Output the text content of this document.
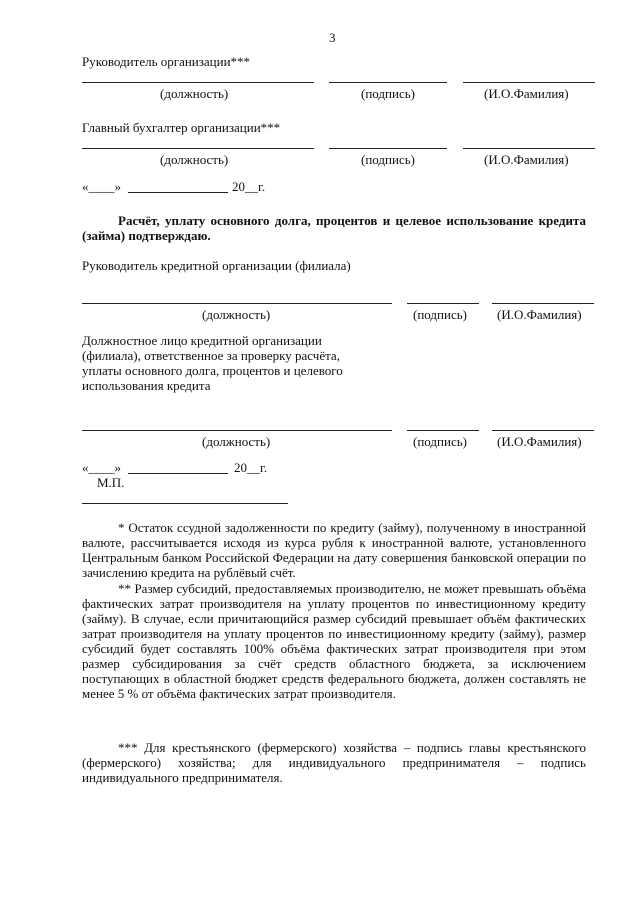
3
Руководитель организации***
(должность)	(подпись)	(И.О.Фамилия)
Главный бухгалтер организации***
(должность)	(подпись)	(И.О.Фамилия)
«____»	20__г.
Расчёт, уплату основного долга, процентов и целевое использование кредита (займа) подтверждаю.
Руководитель кредитной организации (филиала)
(должность)	(подпись) (И.О.Фамилия)
Должностное лицо кредитной организации (филиала), ответственное за проверку расчёта, уплаты основного долга, процентов и целевого использования кредита
(должность)	(подпись) (И.О.Фамилия)
«____»	20__г.
М.П.
* Остаток ссудной задолженности по кредиту (займу), полученному в иностранной валюте, рассчитывается исходя из курса рубля к иностранной валюте, установленного Центральным банком Российской Федерации на дату совершения банковской операции по зачислению кредита на рублёвый счёт.
** Размер субсидий, предоставляемых производителю, не может превышать объёма фактических затрат производителя на уплату процентов по инвестиционному кредиту (займу). В случае, если причитающийся размер субсидий превышает объём фактических затрат производителя на уплату процентов по инвестиционному кредиту (займу), размер субсидий будет составлять 100% объёма фактических затрат производителя при этом размер субсидирования за счёт средств областного бюджета, за исключением поступающих в областной бюджет средств федерального бюджета, должен составлять не менее 5 % от объёма фактических затрат производителя.
*** Для крестьянского (фермерского) хозяйства – подпись главы крестьянского (фермерского) хозяйства; для индивидуального предпринимателя – подпись индивидуального предпринимателя.
